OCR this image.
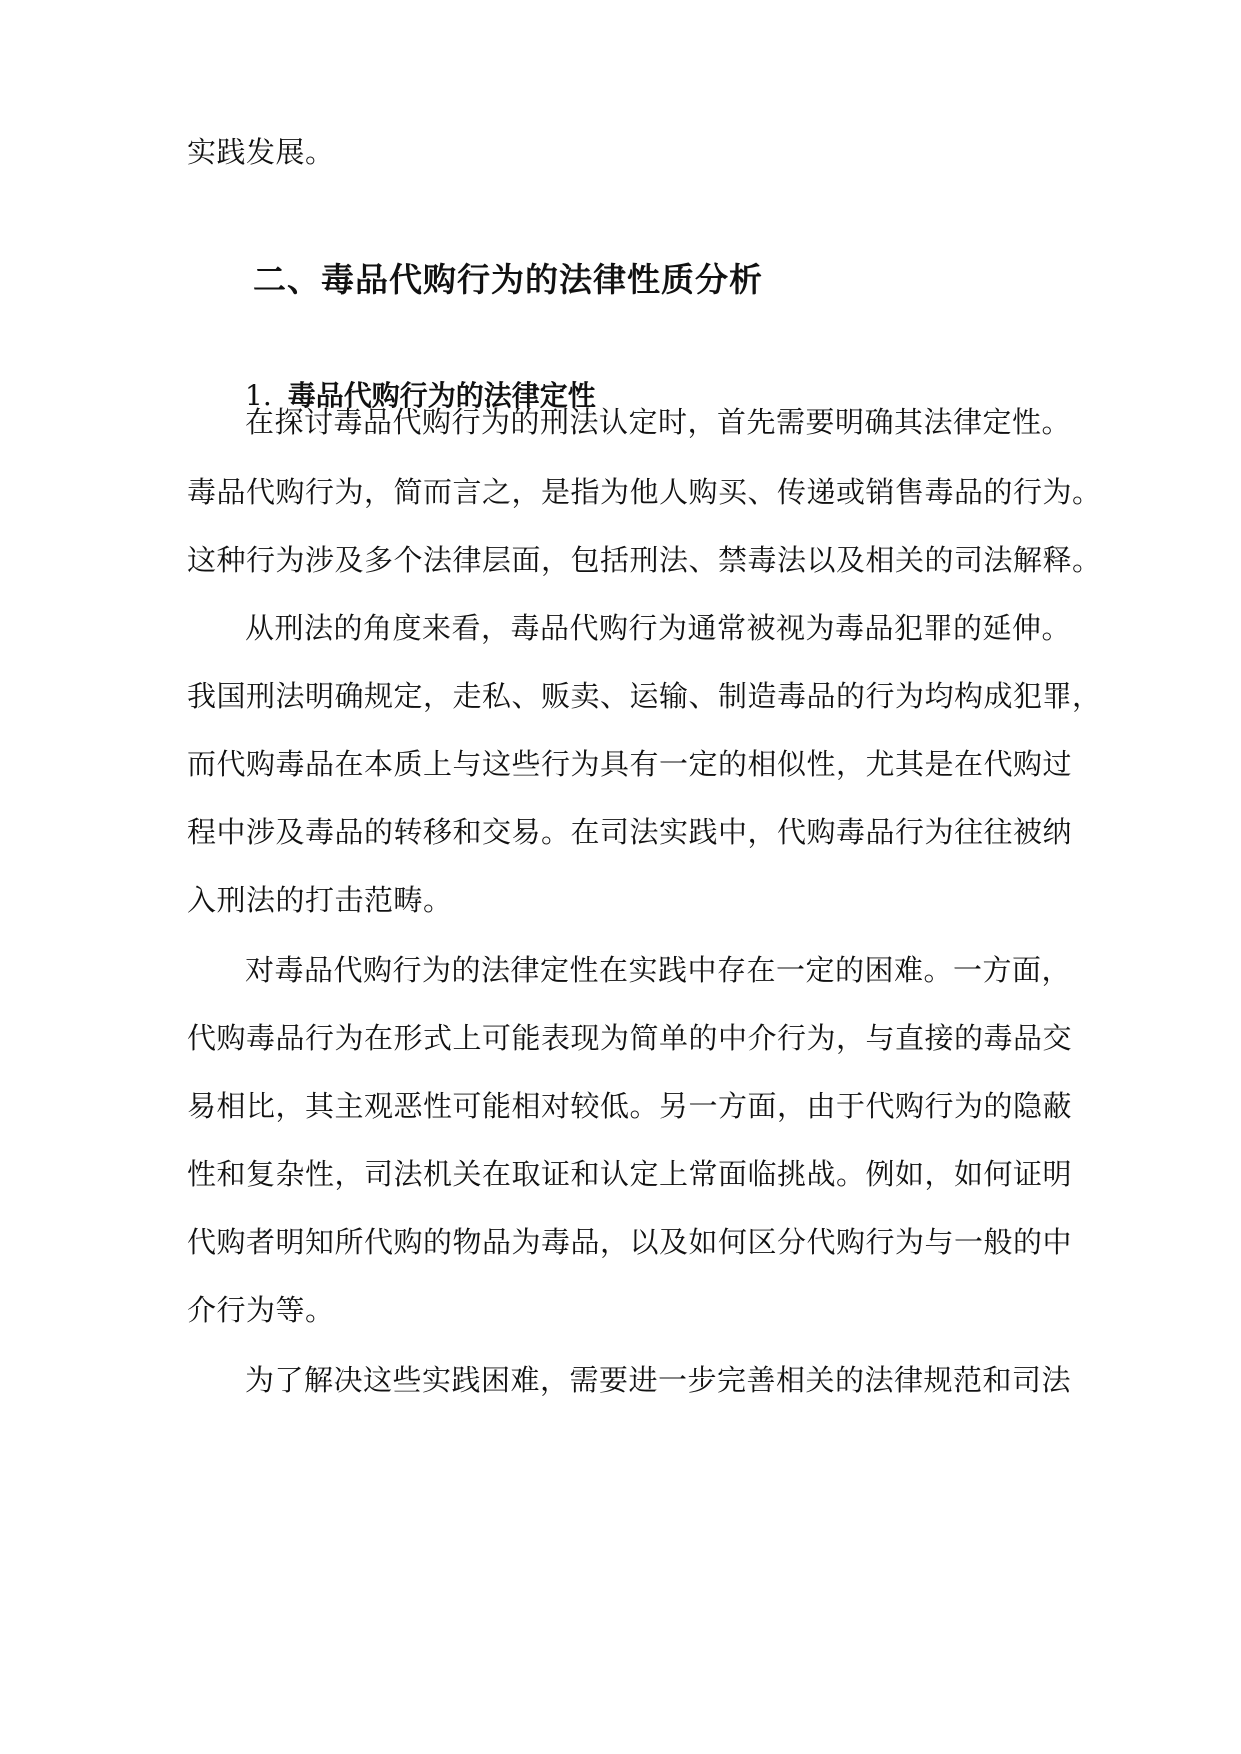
实践发展。
二、毒品代购行为的法律性质分析
1. 毒品代购行为的法律定性
在探讨毒品代购行为的刑法认定时，首先需要明确其法律定性。
毒品代购行为，简而言之，是指为他人购买、传递或销售毒品的行为。
这种行为涉及多个法律层面，包括刑法、禁毒法以及相关的司法解释。
从刑法的角度来看，毒品代购行为通常被视为毒品犯罪的延伸。
我国刑法明确规定，走私、贩卖、运输、制造毒品的行为均构成犯罪，
而代购毒品在本质上与这些行为具有一定的相似性，尤其是在代购过
程中涉及毒品的转移和交易。在司法实践中，代购毒品行为往往被纳
入刑法的打击范畴。
对毒品代购行为的法律定性在实践中存在一定的困难。一方面，
代购毒品行为在形式上可能表现为简单的中介行为，与直接的毒品交
易相比，其主观恶性可能相对较低。另一方面，由于代购行为的隐蔽
性和复杂性，司法机关在取证和认定上常面临挑战。例如，如何证明
代购者明知所代购的物品为毒品，以及如何区分代购行为与一般的中
介行为等。
为了解决这些实践困难，需要进一步完善相关的法律规范和司法
